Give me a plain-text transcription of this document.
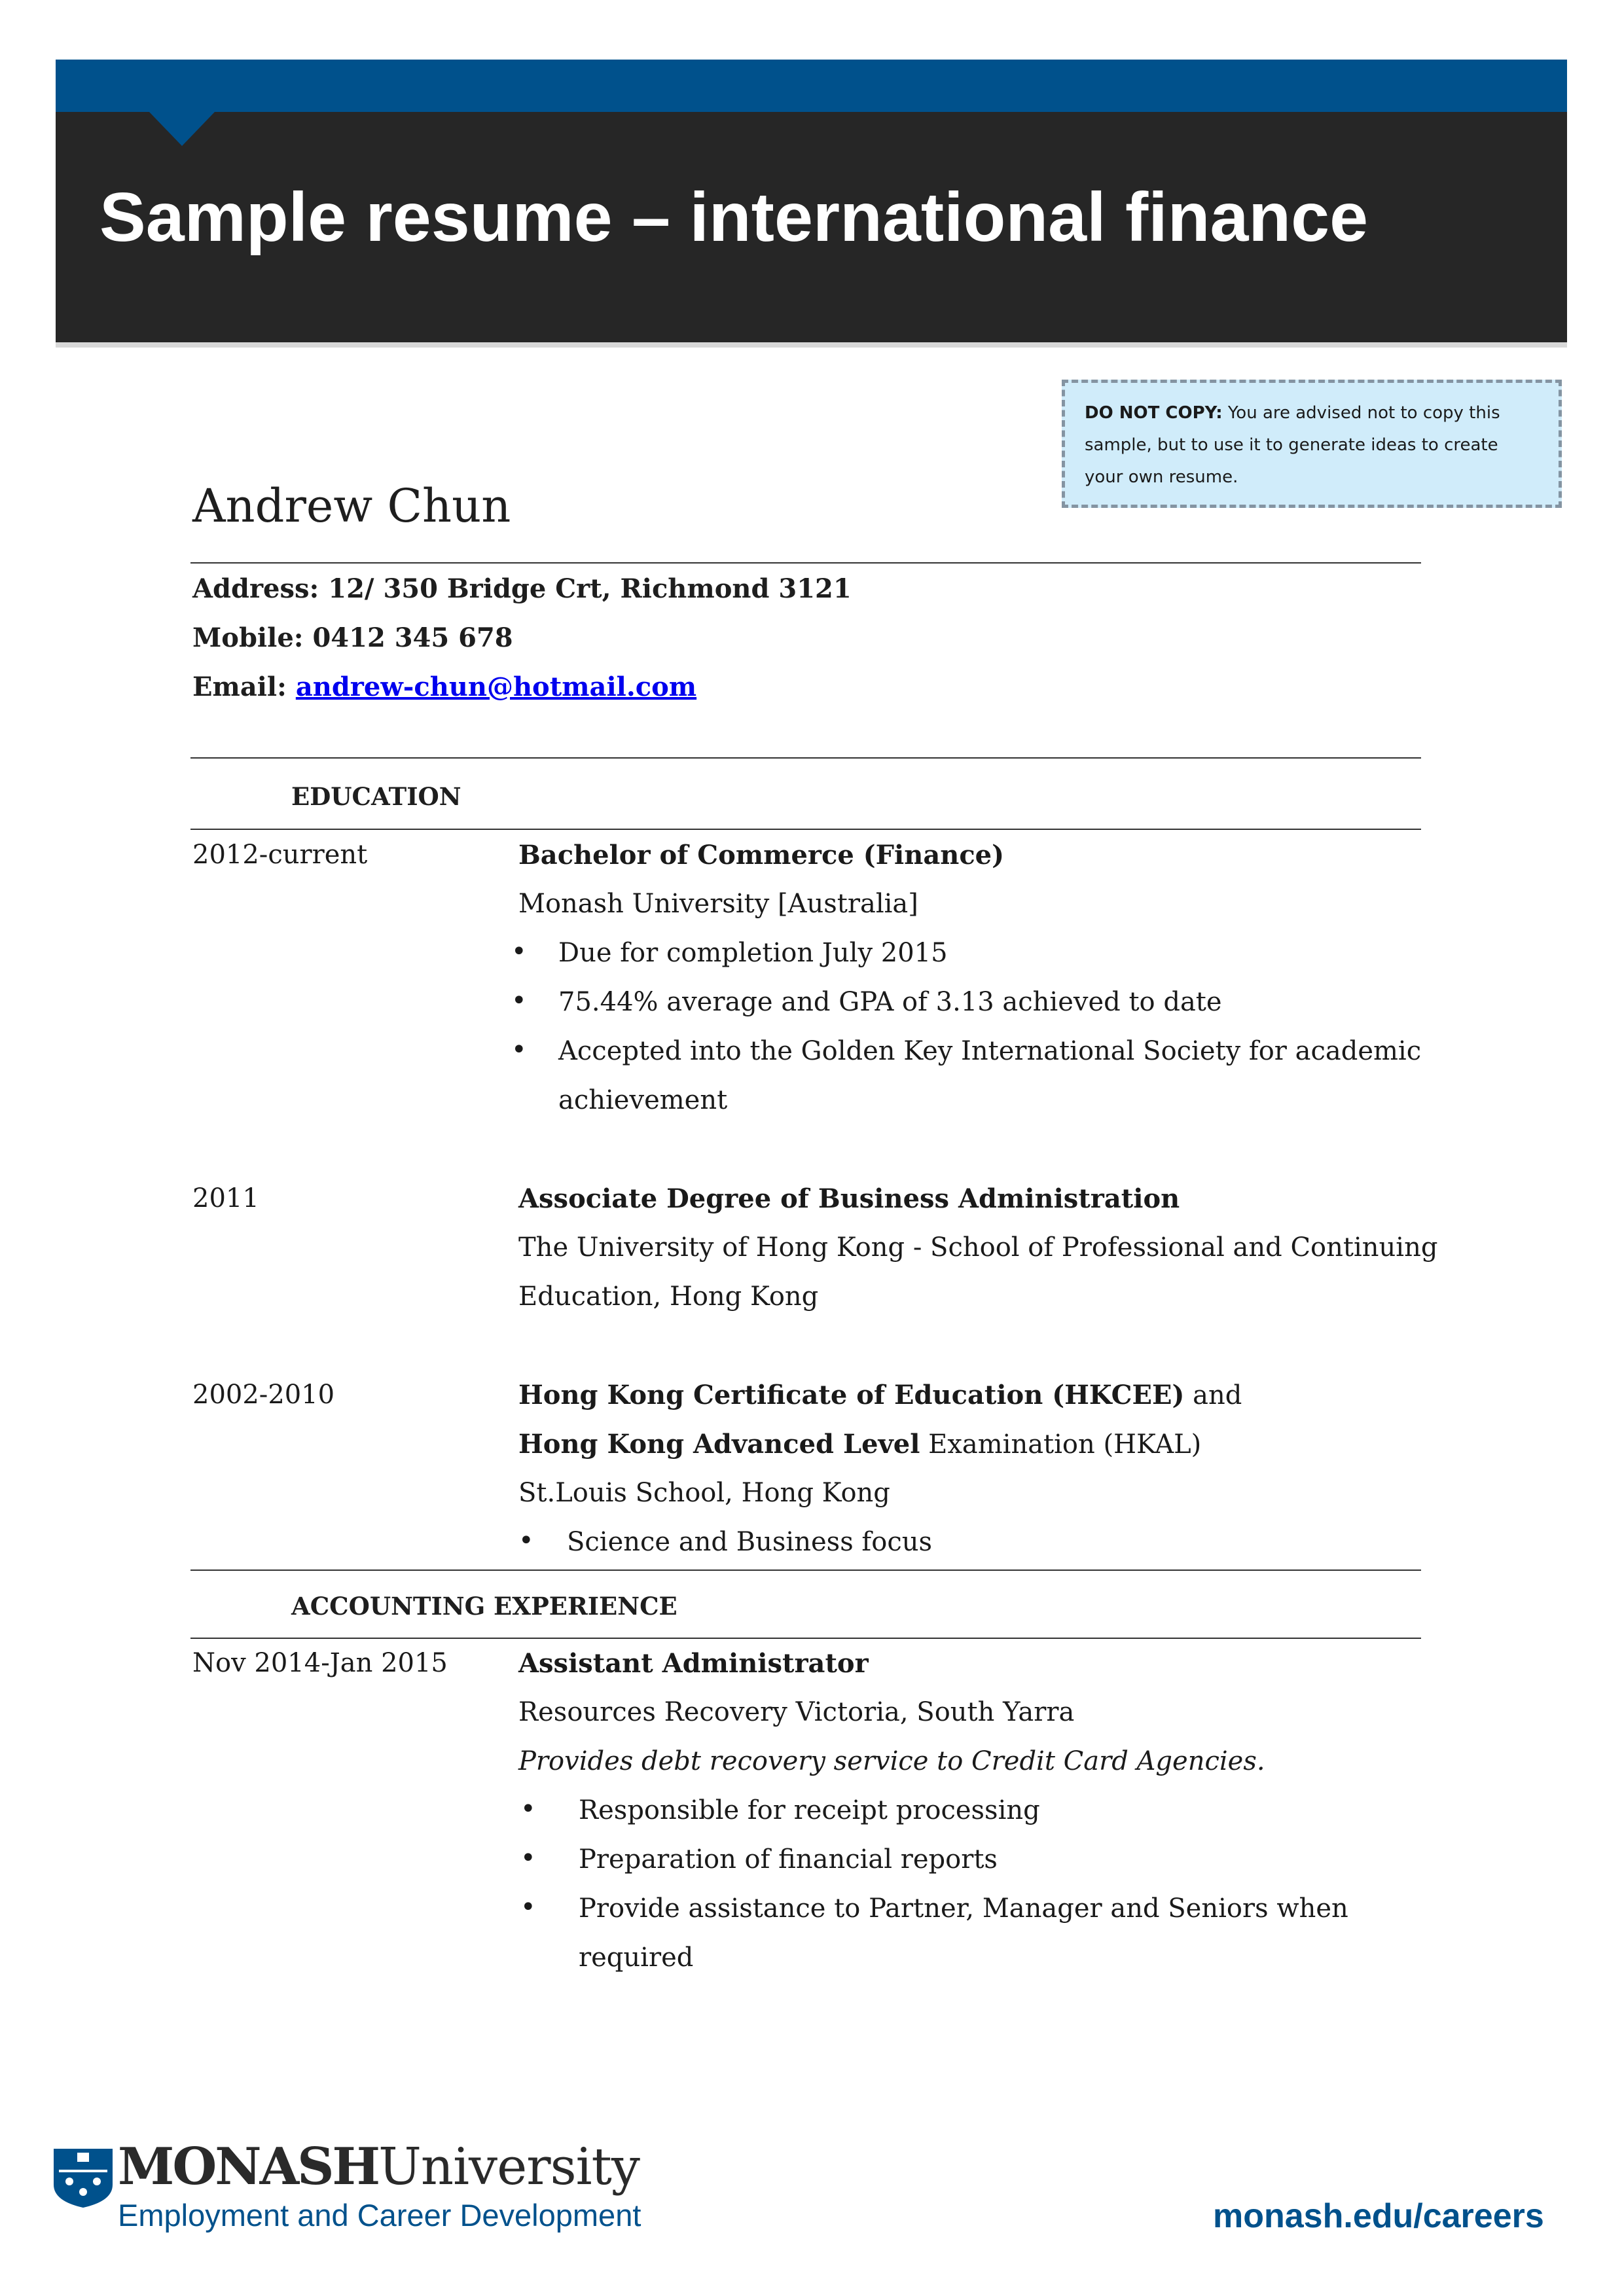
Sample resume – international finance
DO NOT COPY: You are advised not to copy this sample, but to use it to generate ideas to create your own resume.
Andrew Chun
Address: 12/ 350 Bridge Crt, Richmond 3121
Mobile: 0412 345 678
Email: andrew-chun@hotmail.com
EDUCATION
2012-current	Bachelor of Commerce (Finance)
Monash University [Australia]
• Due for completion July 2015
• 75.44% average and GPA of 3.13 achieved to date
• Accepted into the Golden Key International Society for academic
achievement
2011	Associate Degree of Business Administration
The University of Hong Kong - School of Professional and Continuing
Education, Hong Kong
2002-2010	Hong Kong Certificate of Education (HKCEE) and
Hong Kong Advanced Level Examination (HKAL)
St.Louis School, Hong Kong
• Science and Business focus
ACCOUNTING EXPERIENCE
Nov 2014-Jan 2015	Assistant Administrator
Resources Recovery Victoria, South Yarra
Provides debt recovery service to Credit Card Agencies.
• Responsible for receipt processing
• Preparation of financial reports
• Provide assistance to Partner, Manager and Seniors when
required
MONASHUniversity
Employment and Career Development	monash.edu/careers
